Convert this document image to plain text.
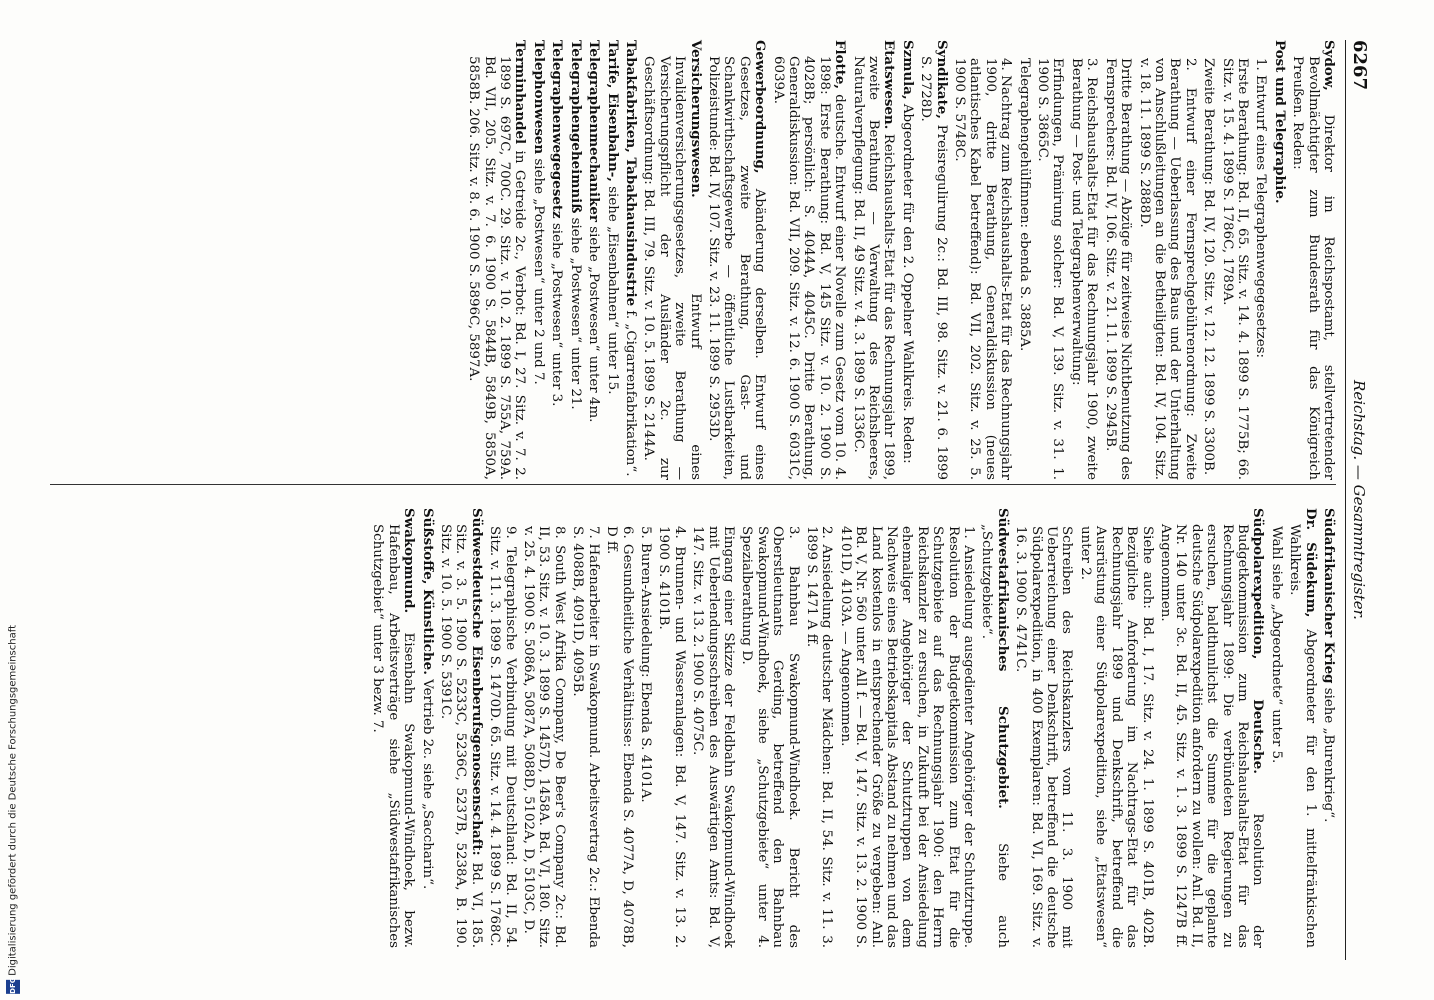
6267
Reichstag. — Gesammtregister.

Sydow, Direktor im Reichspostamt, stellvertretender Bevollmächtigter zum Bundesrath für das Königreich Preußen. Reden:

Post und Telegraphie.

1. Entwurf eines Telegraphenwegegesetzes:

Erste Berathung: Bd. II, 65. Sitz. v. 14. 4. 1899 S. 1775B; 66. Sitz. v. 15. 4. 1899 S. 1786C, 1789A.

Zweite Berathung: Bd. IV, 120. Sitz. v. 12. 12. 1899 S. 3300B.

2. Entwurf einer Fernsprechgebührenordnung: Zweite Berathung — Ueberlassung des Baus und der Unterhaltung von Anschlußleitungen an die Betheiligten: Bd. IV, 104. Sitz. v. 18. 11. 1899 S. 2888D.

Dritte Berathung — Abzüge für zeitweise Nichtbenutzung des Fernsprechers: Bd. IV, 106. Sitz. v. 21. 11. 1899 S. 2945B.

3. Reichshaushalts-Etat für das Rechnungsjahr 1900, zweite Berathung — Post- und Telegraphenverwaltung:

Erfindungen, Prämirung solcher: Bd. V, 139. Sitz. v. 31. 1. 1900 S. 3865C.

Telegraphengehülfinnen: ebenda S. 3885A.

4. Nachtrag zum Reichshaushalts-Etat für das Rechnungsjahr 1900, dritte Berathung, Generaldiskussion (neues atlantisches Kabel betreffend): Bd. VII, 202. Sitz. v. 25. 5. 1900 S. 5748C.

Syndikate, Preisregulirung 2c.: Bd. III, 98. Sitz. v. 21. 6. 1899 S. 2728D.

Szmula, Abgeordneter für den 2. Oppelner Wahlkreis. Reden:

Etatswesen. Reichshaushalts-Etat für das Rechnungsjahr 1899, zweite Berathung — Verwaltung des Reichsheeres, Naturalverpflegung: Bd. II, 49 Sitz. v. 4. 3. 1899 S. 1336C.

Flotte, deutsche. Entwurf einer Novelle zum Gesetz vom 10. 4. 1898: Erste Berathung: Bd. V, 145 Sitz. v. 10. 2. 1900 S. 4028B; persönlich: S. 4044A, 4045C. Dritte Berathung, Generaldiskussion: Bd. VII, 209. Sitz. v. 12. 6. 1900 S. 6031C, 6039A.

Gewerbeordnung, Abänderung derselben. Entwurf eines Gesetzes, zweite Berathung, Gast- und Schankwirthschaftsgewerbe — öffentliche Lustbarkeiten, Polizeistunde: Bd. IV, 107. Sitz. v. 23. 11. 1899 S. 2953D.

Versicherungswesen. Entwurf eines Invalidenversicherungsgesetzes, zweite Berathung — Versicherungspflicht der Ausländer 2c. zur Geschäftsordnung: Bd. III, 79. Sitz. v. 10. 5. 1899 S. 2144A.

Tabakfabriken, Tabakhausindustrie f. „Cigarrenfabrikation“.

Tarife, Eisenbahn-, siehe „Eisenbahnen“ unter 15.

Telegraphenmechaniker siehe „Postwesen“ unter 4m.

Telegraphengeheimniß siehe „Postwesen“ unter 21.

Telegraphenwegegesetz siehe „Postwesen“ unter 3.

Telephonwesen siehe „Postwesen“ unter 2 und 7.

Terminhandel in Getreide 2c., Verbot: Bd. I, 27. Sitz. v. 7. 2. 1899 S. 697C, 700C. 29. Sitz. v. 10. 2. 1899 S. 755A, 759A. Bd. VII, 205. Sitz. v. 7. 6. 1900 S. 5844B, 5849B, 5850A, 5858B. 206. Sitz. v. 8. 6. 1900 S. 5896C, 5897A.

Südafrikanischer Krieg siehe „Burenkrieg“.

Dr. Südekum, Abgeordneter für den 1. mittelfränkischen Wahlkreis.

Wahl siehe „Abgeordnete“ unter 5.

Südpolarexpedition, Deutsche. Resolution der Budgetkommission zum Reichshaushalts-Etat für das Rechnungsjahr 1899: Die verbündeten Regierungen zu ersuchen, baldthunlichst die Summe für die geplante deutsche Südpolarexpedition anfordern zu wollen: Anl. Bd. II, Nr. 140 unter 3c. Bd. II, 45. Sitz. v. 1. 3. 1899 S. 1247B ff. Angenommen.

Siehe auch: Bd. I, 17. Sitz. v. 24. 1. 1899 S. 401B, 402B. Bezügliche Anforderung im Nachtrags-Etat für das Rechnungsjahr 1899 und Denkschrift, betreffend die Ausrüstung einer Südpolarexpedition, siehe „Etatswesen“ unter 2.

Schreiben des Reichskanzlers vom 11. 3. 1900 mit Ueberreichung einer Denkschrift, betreffend die deutsche Südpolarexpedition, in 400 Exemplaren: Bd. VI, 169. Sitz. v. 16. 3. 1900 S. 4741C.

Südwestafrikanisches Schutzgebiet. Siehe auch „Schutzgebiete“.

1. Ansiedelung ausgedienter Angehöriger der Schutztruppe. Resolution der Budgetkommission zum Etat für die Schutzgebiete auf das Rechnungsjahr 1900: den Herrn Reichskanzler zu ersuchen, in Zukunft bei der Ansiedelung ehemaliger Angehöriger der Schutztruppen von dem Nachweis eines Betriebskapitals Abstand zu nehmen und das Land kostenlos in entsprechender Größe zu vergeben: Anl. Bd. V, Nr. 560 unter All f. — Bd. V, 147. Sitz. v. 13. 2. 1900 S. 4101D, 4103A. — Angenommen.

2. Ansiedelung deutscher Mädchen: Bd. II, 54. Sitz. v. 11. 3. 1899 S. 1471 A ff.

3. Bahnbau Swakopmund-Windhoek. Bericht des Oberstleutnants Gerding, betreffend den Bahnbau Swakopmund-Windhoek, siehe „Schutzgebiete“ unter 4. Spezialberathung D.

Eingang einer Skizze der Feldbahn Swakopmund-Windhoek mit Ueberlendungsschreiben des Auswärtigen Amts: Bd. V, 147. Sitz. v. 13. 2. 1900 S. 4075C.

4. Brunnen- und Wasseranlagen: Bd. V, 147. Sitz. v. 13. 2. 1900 S. 4101B.

5. Buren-Ansiedelung: Ebenda S. 4101A.

6. Gesundheitliche Verhältnisse: Ebenda S. 4077A, D, 4078B, D ff.

7. Hafenarbeiter in Swakopmund. Arbeitsvertrag 2c.: Ebenda S. 4088B, 4091D, 4095B.

8. South West Afrika Company, De Beer's Company 2c.: Bd. II, 53. Sitz. v. 10. 3. 1899 S. 1457D, 1458A. Bd. VI, 180. Sitz. v. 25. 4. 1900 S. 5086A, 5087A, 5088D, 5102A, D, 5103C, D.

9. Telegraphische Verbindung mit Deutschland: Bd. II, 54. Sitz. v. 11. 3. 1899 S. 1470D. 65. Sitz. v. 14. 4. 1899 S. 1768C.

Südwestdeutsche Eisenberufsgenossenschaft: Bd. VI, 185. Sitz. v. 3. 5. 1900 S. 5233C, 5236C, 5237B, 5238A, B. 190. Sitz. v. 10. 5. 1900 S. 5391C.

Süßstoffe, Künstliche. Vertrieb 2c. siehe „Saccharin“.

Swakopmund. Eisenbahn Swakopmund-Windhoek, bezw. Hafenbau, Arbeitsverträge siehe „Südwestafrikanisches Schutzgebiet“ unter 3 bezw. 7.

DFG
Digitalisierung gefördert durch die Deutsche Forschungsgemeinschaft
